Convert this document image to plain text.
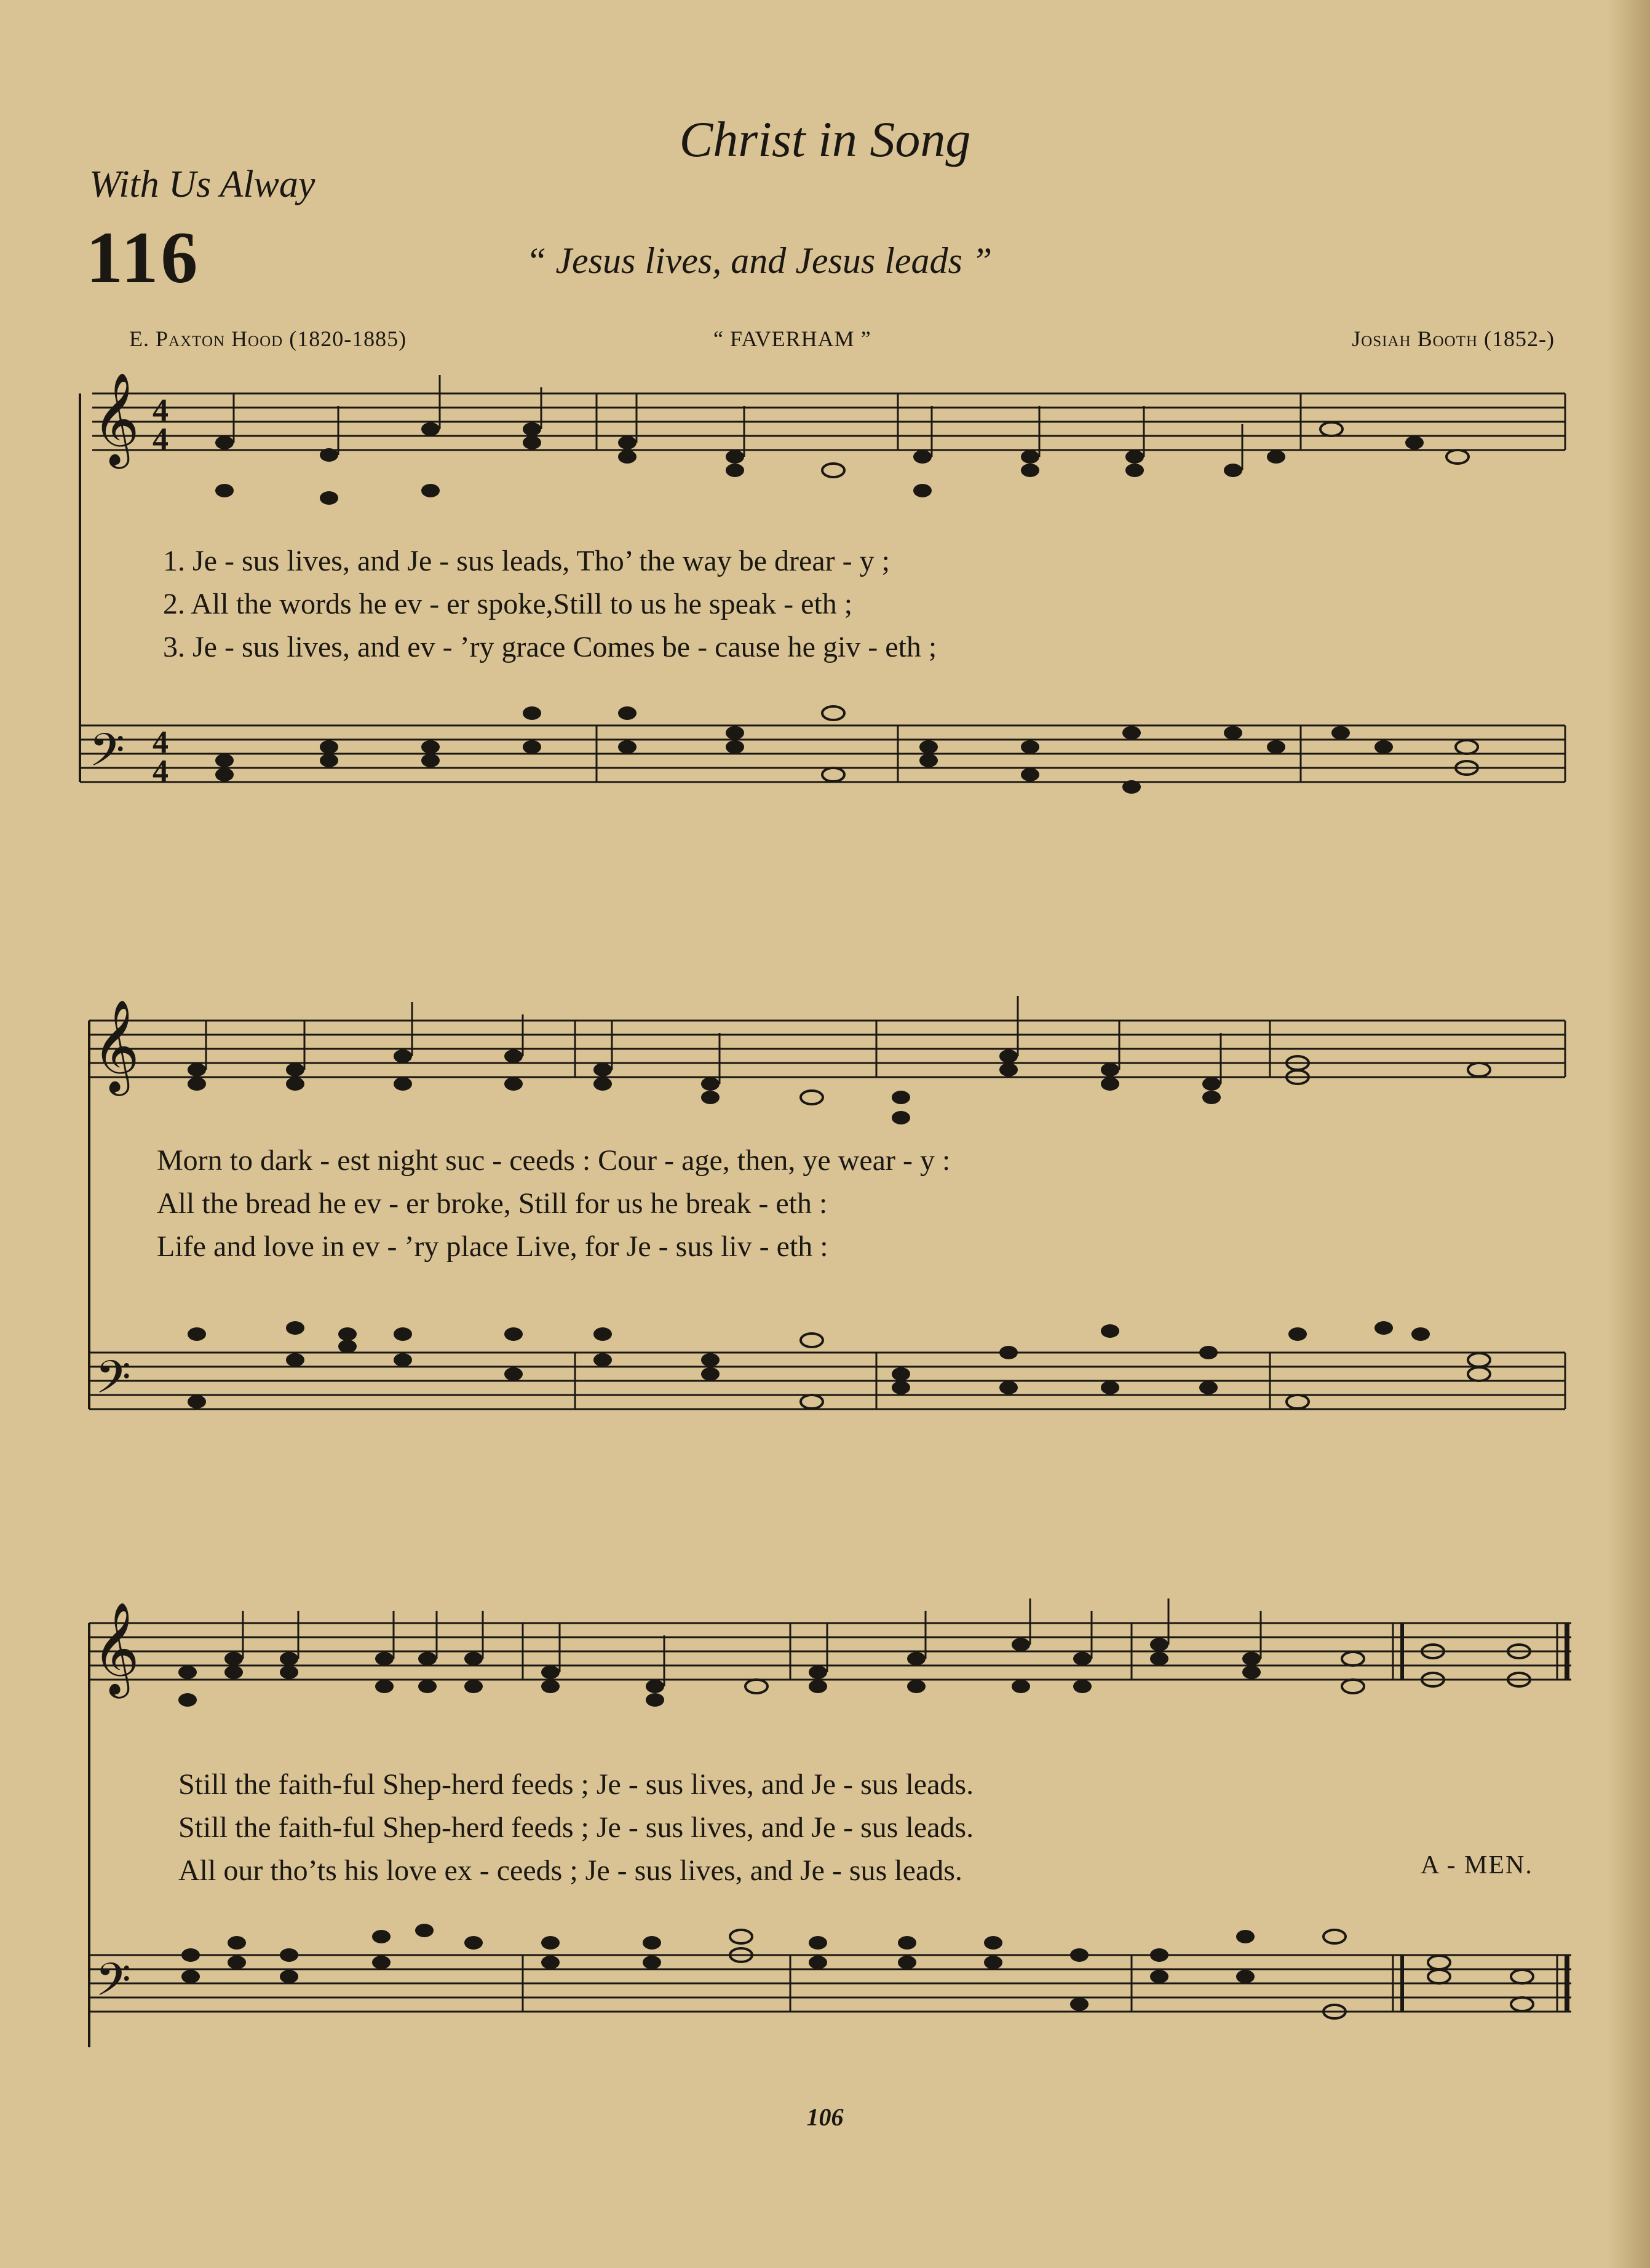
Christ in Song
With Us Alway
116	“ Jesus lives, and Jesus leads ”
E. Paxton Hood (1820-1885)	“ FAVERHAM ”	Josiah Booth (1852-)
𝄞
𝄢
4
4
4
4
1. Je - sus lives, and Je - sus leads, Tho’ the way be drear - y ;
2. All the words he ev - er spoke,Still to us he speak - eth ;
3. Je - sus lives, and ev - ’ry grace Comes be - cause he giv - eth ;
𝄞
𝄢
Morn to dark - est night suc - ceeds : Cour - age, then, ye wear - y :
All the bread he ev - er broke, Still for us he break - eth :
Life and love in ev - ’ry place Live, for Je - sus liv - eth :
𝄞
𝄢
Still the faith-ful Shep-herd feeds ; Je - sus lives, and Je - sus leads.
Still the faith-ful Shep-herd feeds ; Je - sus lives, and Je - sus leads.
All our tho’ts his love ex - ceeds ; Je - sus lives, and Je - sus leads.	A - MEN.
106
